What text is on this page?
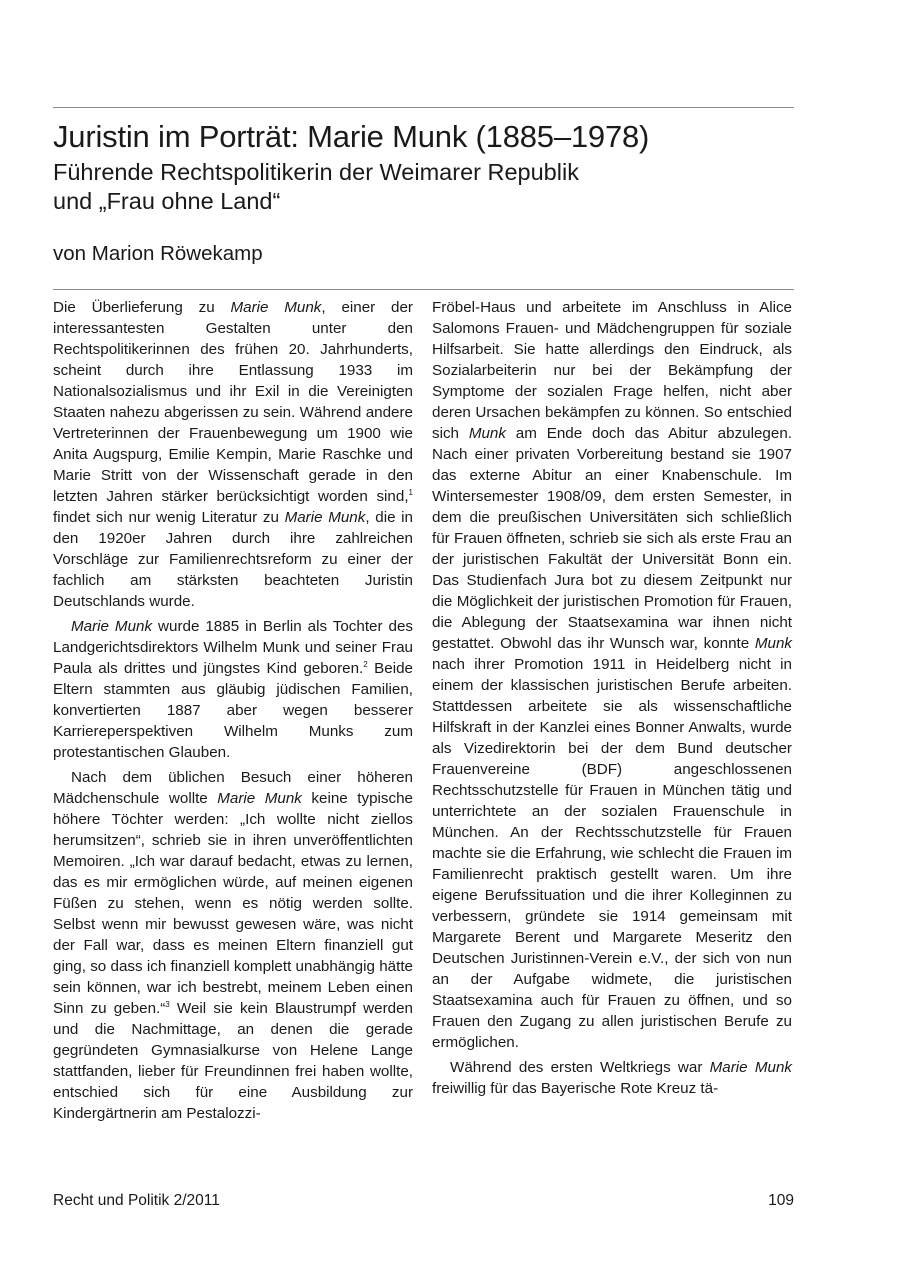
Juristin im Porträt: Marie Munk (1885–1978)
Führende Rechtspolitikerin der Weimarer Republik
und „Frau ohne Land“
von Marion Röwekamp

Die Überlieferung zu Marie Munk, einer der interessantesten Gestalten unter den Rechtspolitikerinnen des frühen 20. Jahrhunderts, scheint durch ihre Entlassung 1933 im Nationalsozialismus und ihr Exil in die Vereinigten Staaten nahezu abgerissen zu sein. Während andere Vertreterinnen der Frauenbewegung um 1900 wie Anita Augspurg, Emilie Kempin, Marie Raschke und Marie Stritt von der Wissenschaft gerade in den letzten Jahren stärker berücksichtigt worden sind,$^1$ findet sich nur wenig Literatur zu Marie Munk, die in den 1920er Jahren durch ihre zahlreichen Vorschläge zur Familienrechtsreform zu einer der fachlich am stärksten beachteten Juristin Deutschlands wurde.

Marie Munk wurde 1885 in Berlin als Tochter des Landgerichtsdirektors Wilhelm Munk und seiner Frau Paula als drittes und jüngstes Kind geboren.$^2$ Beide Eltern stammten aus gläubig jüdischen Familien, konvertierten 1887 aber wegen besserer Karriereperspektiven Wilhelm Munks zum protestantischen Glauben.

Nach dem üblichen Besuch einer höheren Mädchenschule wollte Marie Munk keine typische höhere Töchter werden: „Ich wollte nicht ziellos herumsitzen“, schrieb sie in ihren unveröffentlichten Memoiren. „Ich war darauf bedacht, etwas zu lernen, das es mir ermöglichen würde, auf meinen eigenen Füßen zu stehen, wenn es nötig werden sollte. Selbst wenn mir bewusst gewesen wäre, was nicht der Fall war, dass es meinen Eltern finanziell gut ging, so dass ich finanziell komplett unabhängig hätte sein können, war ich bestrebt, meinem Leben einen Sinn zu geben.“$^3$ Weil sie kein Blaustrumpf werden und die Nachmittage, an denen die gerade gegründeten Gymnasialkurse von Helene Lange stattfanden, lieber für Freundinnen frei haben wollte, entschied sich für eine Ausbildung zur Kindergärtnerin am Pestalozzi-

Fröbel-Haus und arbeitete im Anschluss in Alice Salomons Frauen- und Mädchengruppen für soziale Hilfsarbeit. Sie hatte allerdings den Eindruck, als Sozialarbeiterin nur bei der Bekämpfung der Symptome der sozialen Frage helfen, nicht aber deren Ursachen bekämpfen zu können. So entschied sich Munk am Ende doch das Abitur abzulegen. Nach einer privaten Vorbereitung bestand sie 1907 das externe Abitur an einer Knabenschule. Im Wintersemester 1908/09, dem ersten Semester, in dem die preußischen Universitäten sich schließlich für Frauen öffneten, schrieb sie sich als erste Frau an der juristischen Fakultät der Universität Bonn ein. Das Studienfach Jura bot zu diesem Zeitpunkt nur die Möglichkeit der juristischen Promotion für Frauen, die Ablegung der Staatsexamina war ihnen nicht gestattet. Obwohl das ihr Wunsch war, konnte Munk nach ihrer Promotion 1911 in Heidelberg nicht in einem der klassischen juristischen Berufe arbeiten. Stattdessen arbeitete sie als wissenschaftliche Hilfskraft in der Kanzlei eines Bonner Anwalts, wurde als Vizedirektorin bei der dem Bund deutscher Frauenvereine (BDF) angeschlossenen Rechtsschutzstelle für Frauen in München tätig und unterrichtete an der sozialen Frauenschule in München. An der Rechtsschutzstelle für Frauen machte sie die Erfahrung, wie schlecht die Frauen im Familienrecht praktisch gestellt waren. Um ihre eigene Berufssituation und die ihrer Kolleginnen zu verbessern, gründete sie 1914 gemeinsam mit Margarete Berent und Margarete Meseritz den Deutschen Juristinnen-Verein e.V., der sich von nun an der Aufgabe widmete, die juristischen Staatsexamina auch für Frauen zu öffnen, und so Frauen den Zugang zu allen juristischen Berufe zu ermöglichen.

Während des ersten Weltkriegs war Marie Munk freiwillig für das Bayerische Rote Kreuz tä-

Recht und Politik 2/2011	109
